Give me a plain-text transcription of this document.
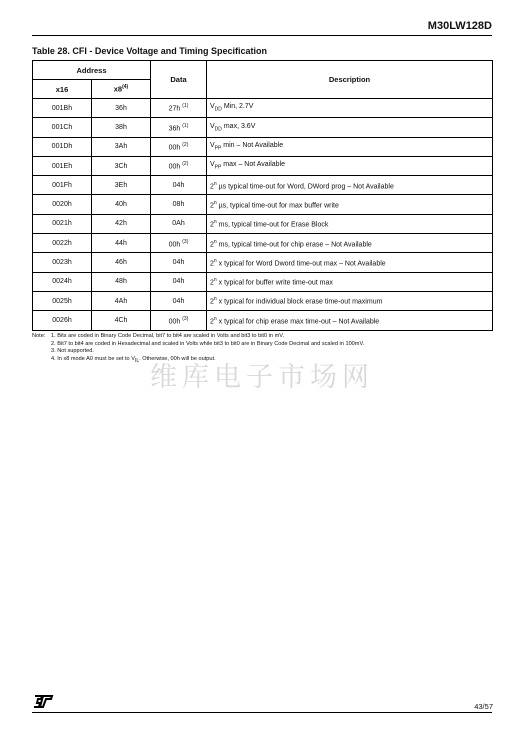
M30LW128D
Table 28. CFI - Device Voltage and Timing Specification
Address		Data	Description
x16	x8$^{(4)}$
001Bh	36h	27h $^{(1)}$	$V_{DD}$ Min, 2.7V
001Ch	38h	36h $^{(1)}$	$V_{DD}$ max, 3.6V
001Dh	3Ah	00h $^{(2)}$	$V_{PP}$ min – Not Available
001Eh	3Ch	00h $^{(2)}$	$V_{PP}$ max – Not Available
001Fh	3Eh	04h	2$^n$ µs typical time-out for Word, DWord prog – Not Available
0020h	40h	08h	2$^n$ µs, typical time-out for max buffer write
0021h	42h	0Ah	2$^n$ ms, typical time-out for Erase Block
0022h	44h	00h $^{(3)}$	2$^n$ ms, typical time-out for chip erase – Not Available
0023h	46h	04h	2$^n$ x typical for Word Dword time-out max – Not Available
0024h	48h	04h	2$^n$ x typical for buffer write time-out max
0025h	4Ah	04h	2$^n$ x typical for individual block erase time-out maximum
0026h	4Ch	00h $^{(3)}$	2$^n$ x typical for chip erase max time-out – Not Available
Note: 1. Bits are coded in Binary Code Decimal, bit7 to bit4 are scaled in Volts and bit3 to bit0 in mV.
2. Bit7 to bit4 are coded in Hexadecimal and scaled in Volts while bit3 to bit0 are in Binary Code Decimal and scaled in 100mV.
3. Not supported.
4. In x8 mode A0 must be set to $V_{IL}$. Otherwise, 00h will be output.
维库电子市场网
43/57
